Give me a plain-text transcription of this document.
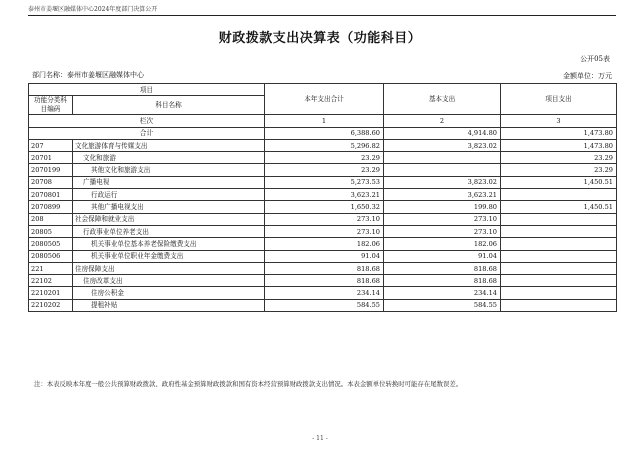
泰州市姜堰区融媒体中心2024年度部门决算公开
财政拨款支出决算表（功能科目）
公开05表
部门名称：泰州市姜堰区融媒体中心	金额单位：万元
项目		本年支出合计	基本支出	项目支出
功能分类科目编码	科目名称			

栏次		1	2	3
合计		6,388.60	4,914.80	1,473.80
207	文化旅游体育与传媒支出	5,296.82	3,823.02	1,473.80
20701	文化和旅游	23.29		23.29
2070199	其他文化和旅游支出	23.29		23.29
20708	广播电视	5,273.53	3,823.02	1,450.51
2070801	行政运行	3,623.21	3,623.21	
2070899	其他广播电视支出	1,650.32	199.80	1,450.51
208	社会保障和就业支出	273.10	273.10	
20805	行政事业单位养老支出	273.10	273.10	
2080505	机关事业单位基本养老保险缴费支出	182.06	182.06	
2080506	机关事业单位职业年金缴费支出	91.04	91.04	
221	住房保障支出	818.68	818.68	
22102	住房改革支出	818.68	818.68	
2210201	住房公积金	234.14	234.14	
2210202	提租补贴	584.55	584.55	
注：本表反映本年度一般公共预算财政拨款、政府性基金预算财政拨款和国有资本经营预算财政拨款支出情况。本表金额单位转换时可能存在尾数误差。
- 11 -
